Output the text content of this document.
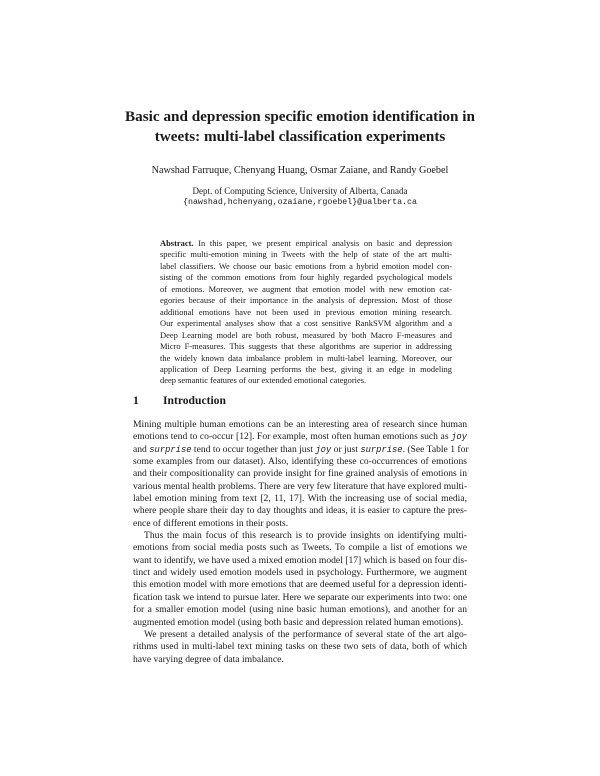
Basic and depression specific emotion identification in
tweets: multi-label classification experiments
Nawshad Farruque, Chenyang Huang, Osmar Zaiane, and Randy Goebel
Dept. of Computing Science, University of Alberta, Canada
{nawshad,hchenyang,ozaiane,rgoebel}@ualberta.ca
Abstract. In this paper, we present empirical analysis on basic and depression
specific multi-emotion mining in Tweets with the help of state of the art multi-
label classifiers. We choose our basic emotions from a hybrid emotion model con-
sisting of the common emotions from four highly regarded psychological models
of emotions. Moreover, we augment that emotion model with new emotion cat-
egories because of their importance in the analysis of depression. Most of those
additional emotions have not been used in previous emotion mining research.
Our experimental analyses show that a cost sensitive RankSVM algorithm and a
Deep Learning model are both robust, measured by both Macro F-measures and
Micro F-measures. This suggests that these algorithms are superior in addressing
the widely known data imbalance problem in multi-label learning. Moreover, our
application of Deep Learning performs the best, giving it an edge in modeling
deep semantic features of our extended emotional categories.
1 Introduction
Mining multiple human emotions can be an interesting area of research since human
emotions tend to co-occur [12]. For example, most often human emotions such as joy
and surprise tend to occur together than just joy or just surprise. (See Table 1 for
some examples from our dataset). Also, identifying these co-occurrences of emotions
and their compositionality can provide insight for fine grained analysis of emotions in
various mental health problems. There are very few literature that have explored multi-
label emotion mining from text [2, 11, 17]. With the increasing use of social media,
where people share their day to day thoughts and ideas, it is easier to capture the pres-
ence of different emotions in their posts.
Thus the main focus of this research is to provide insights on identifying multi-
emotions from social media posts such as Tweets. To compile a list of emotions we
want to identify, we have used a mixed emotion model [17] which is based on four dis-
tinct and widely used emotion models used in psychology. Furthermore, we augment
this emotion model with more emotions that are deemed useful for a depression identi-
fication task we intend to pursue later. Here we separate our experiments into two: one
for a smaller emotion model (using nine basic human emotions), and another for an
augmented emotion model (using both basic and depression related human emotions).
We present a detailed analysis of the performance of several state of the art algo-
rithms used in multi-label text mining tasks on these two sets of data, both of which
have varying degree of data imbalance.
